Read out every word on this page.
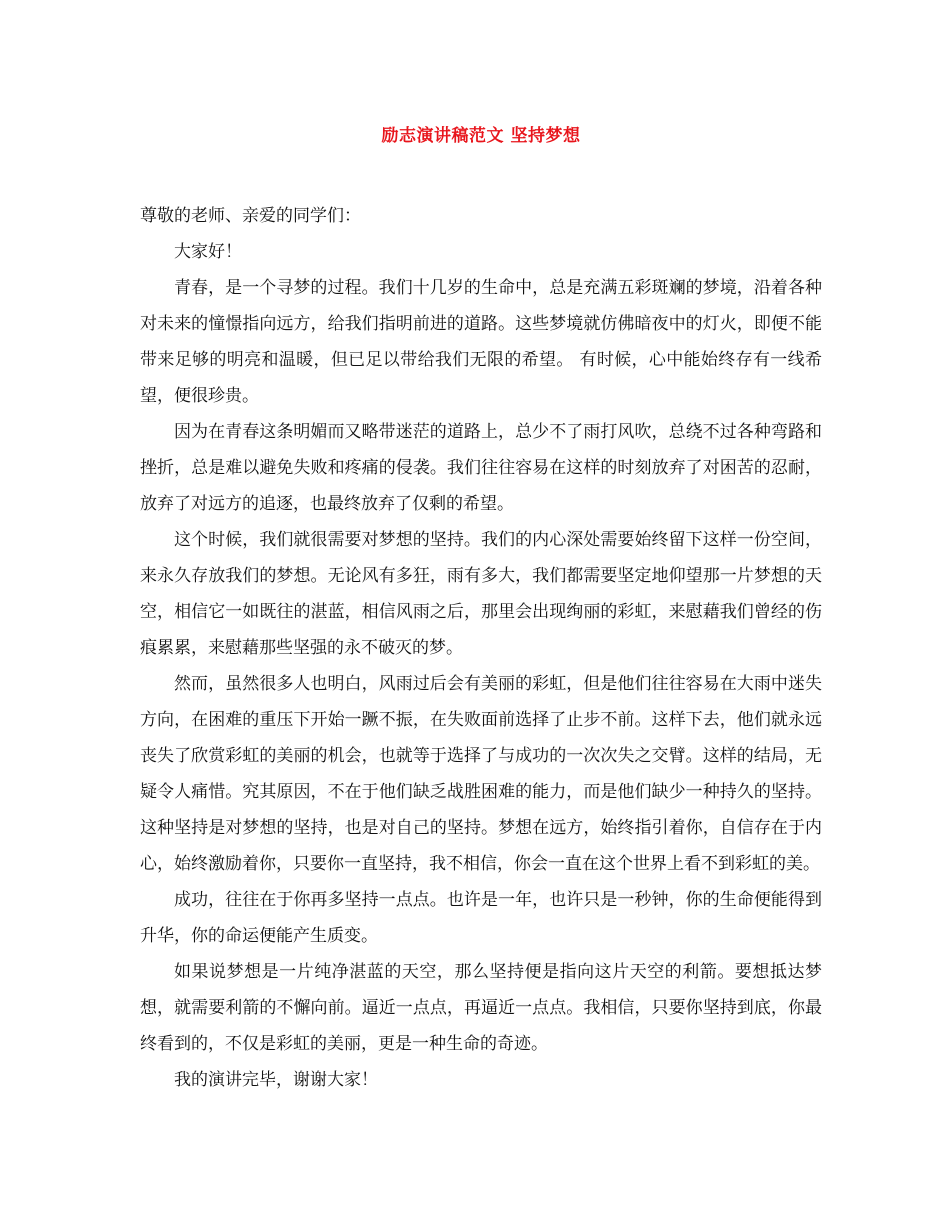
励志演讲稿范文 坚持梦想

尊敬的老师、亲爱的同学们：

大家好！

青春，是一个寻梦的过程。我们十几岁的生命中，总是充满五彩斑斓的梦境，沿着各种对未来的憧憬指向远方，给我们指明前进的道路。这些梦境就仿佛暗夜中的灯火，即便不能带来足够的明亮和温暖，但已足以带给我们无限的希望。 有时候，心中能始终存有一线希望，便很珍贵。

因为在青春这条明媚而又略带迷茫的道路上，总少不了雨打风吹，总绕不过各种弯路和挫折，总是难以避免失败和疼痛的侵袭。我们往往容易在这样的时刻放弃了对困苦的忍耐，放弃了对远方的追逐，也最终放弃了仅剩的希望。

这个时候，我们就很需要对梦想的坚持。我们的内心深处需要始终留下这样一份空间，来永久存放我们的梦想。无论风有多狂，雨有多大，我们都需要坚定地仰望那一片梦想的天空，相信它一如既往的湛蓝，相信风雨之后，那里会出现绚丽的彩虹，来慰藉我们曾经的伤痕累累，来慰藉那些坚强的永不破灭的梦。

然而，虽然很多人也明白，风雨过后会有美丽的彩虹，但是他们往往容易在大雨中迷失方向，在困难的重压下开始一蹶不振，在失败面前选择了止步不前。这样下去，他们就永远丧失了欣赏彩虹的美丽的机会，也就等于选择了与成功的一次次失之交臂。这样的结局，无疑令人痛惜。究其原因，不在于他们缺乏战胜困难的能力，而是他们缺少一种持久的坚持。这种坚持是对梦想的坚持，也是对自己的坚持。梦想在远方，始终指引着你，自信存在于内心，始终激励着你，只要你一直坚持，我不相信，你会一直在这个世界上看不到彩虹的美。

成功，往往在于你再多坚持一点点。也许是一年，也许只是一秒钟，你的生命便能得到升华，你的命运便能产生质变。

如果说梦想是一片纯净湛蓝的天空，那么坚持便是指向这片天空的利箭。要想抵达梦想，就需要利箭的不懈向前。逼近一点点，再逼近一点点。我相信，只要你坚持到底，你最终看到的，不仅是彩虹的美丽，更是一种生命的奇迹。

我的演讲完毕，谢谢大家！
